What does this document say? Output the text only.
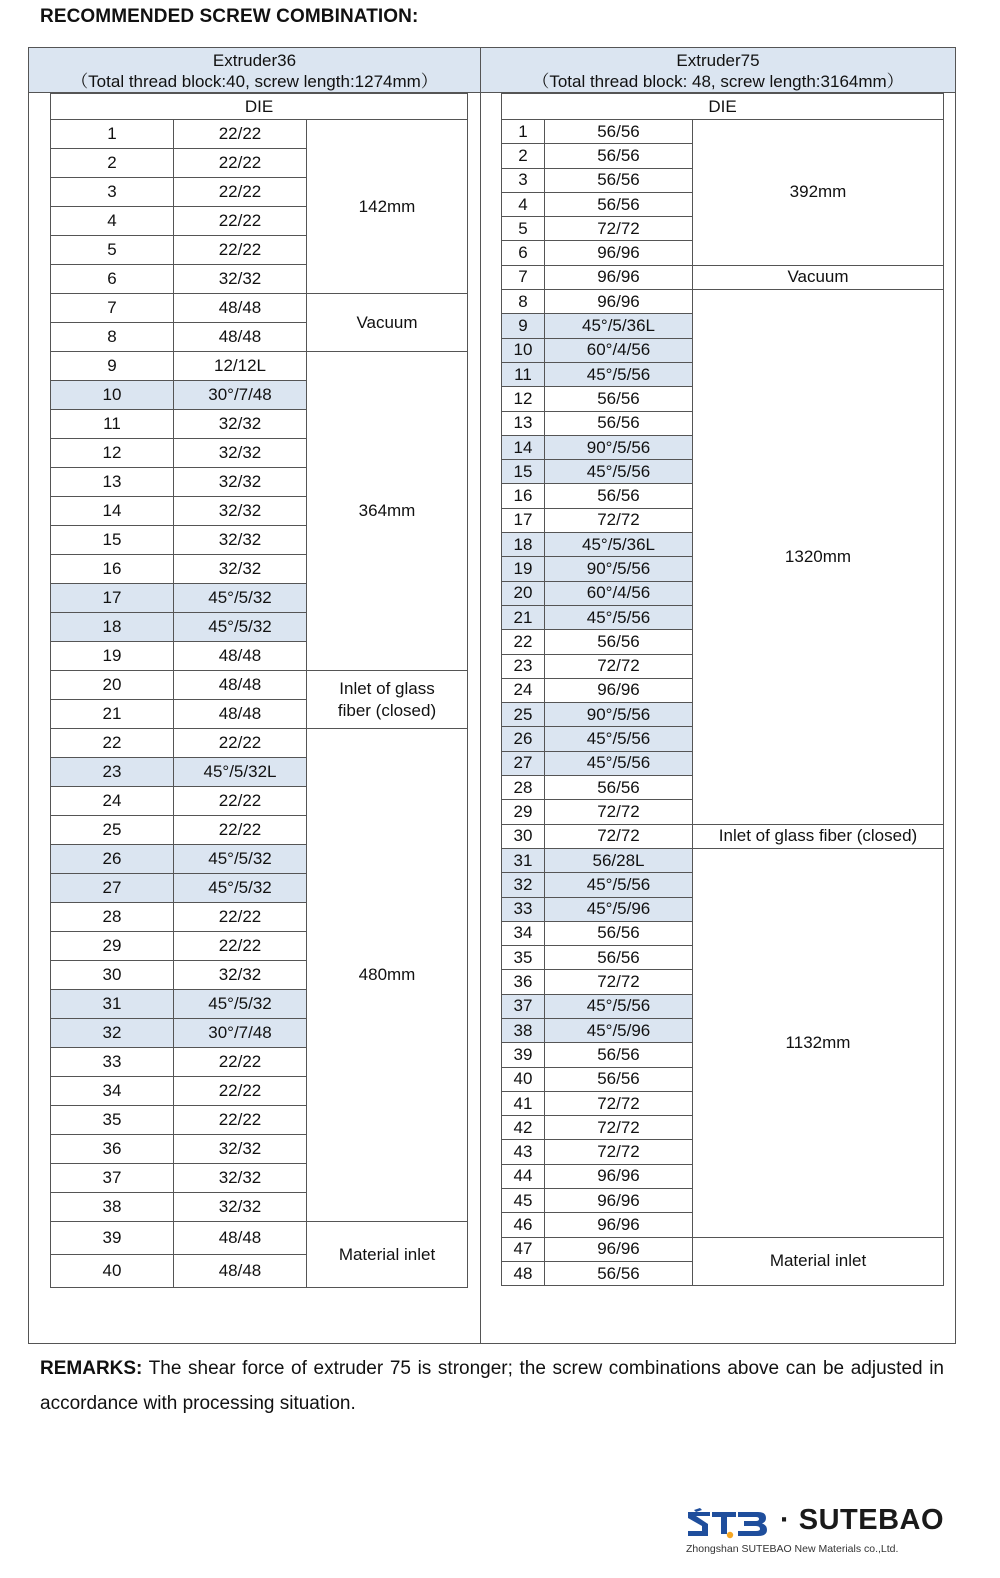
RECOMMENDED SCREW COMBINATION:
Extruder36
（Total thread block:40, screw length:1274mm）
Extruder75
（Total thread block: 48, screw length:3164mm）
DIE		
1	22/22	142mm
2	22/22	
3	22/22	
4	22/22	
5	22/22	
6	32/32	
7	48/48	Vacuum
8	48/48	
9	12/12L	364mm
10	30°/7/48	
11	32/32	
12	32/32	
13	32/32	
14	32/32	
15	32/32	
16	32/32	
17	45°/5/32	
18	45°/5/32	
19	48/48	
20	48/48	Inlet of glass fiber (closed)
21	48/48	
22	22/22	480mm
23	45°/5/32L	
24	22/22	
25	22/22	
26	45°/5/32	
27	45°/5/32	
28	22/22	
29	22/22	
30	32/32	
31	45°/5/32	
32	30°/7/48	
33	22/22	
34	22/22	
35	22/22	
36	32/32	
37	32/32	
38	32/32	
39	48/48	Material inlet
40	48/48	
DIE		
1	56/56	392mm
2	56/56	
3	56/56	
4	56/56	
5	72/72	
6	96/96	
7	96/96	Vacuum
8	96/96	1320mm
9	45°/5/36L	
10	60°/4/56	
11	45°/5/56	
12	56/56	
13	56/56	
14	90°/5/56	
15	45°/5/56	
16	56/56	
17	72/72	
18	45°/5/36L	
19	90°/5/56	
20	60°/4/56	
21	45°/5/56	
22	56/56	
23	72/72	
24	96/96	
25	90°/5/56	
26	45°/5/56	
27	45°/5/56	
28	56/56	
29	72/72	
30	72/72	Inlet of glass fiber (closed)
31	56/28L	1132mm
32	45°/5/56	
33	45°/5/96	
34	56/56	
35	56/56	
36	72/72	
37	45°/5/56	
38	45°/5/96	
39	56/56	
40	56/56	
41	72/72	
42	72/72	
43	72/72	
44	96/96	
45	96/96	
46	96/96	
47	96/96	Material inlet
48	56/56	
REMARKS: The shear force of extruder 75 is stronger; the screw combinations above can be adjusted in accordance with processing situation.
· SUTEBAO
Zhongshan SUTEBAO New Materials co.,Ltd.
